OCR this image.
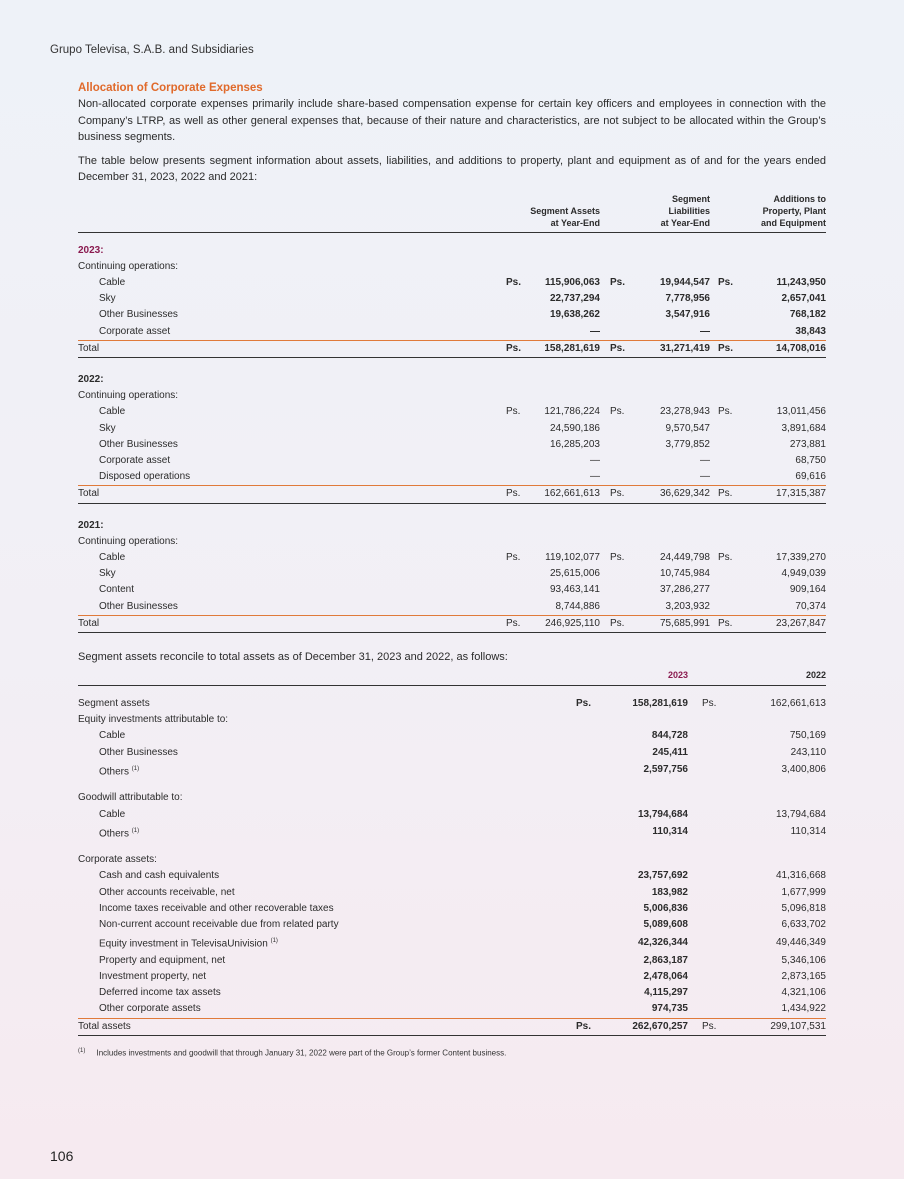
Grupo Televisa, S.A.B. and Subsidiaries
Allocation of Corporate Expenses

Non-allocated corporate expenses primarily include share-based compensation expense for certain key officers and employees in connection with the Company’s LTRP, as well as other general expenses that, because of their nature and characteristics, are not subject to be allocated within the Group’s business segments.

The table below presents segment information about assets, liabilities, and additions to property, plant and equipment as of and for the years ended December 31, 2023, 2022 and 2021:

				Segment		Additions to
		Segment Assets		Liabilities		Property, Plant
		at Year-End		at Year-End		and Equipment

2023:						
Continuing operations:						
Cable	Ps.	115,906,063	Ps.	19,944,547	Ps.	11,243,950
Sky		22,737,294		7,778,956		2,657,041
Other Businesses		19,638,262		3,547,916		768,182
Corporate asset		—		—		38,843
Total	Ps.	158,281,619	Ps.	31,271,419	Ps.	14,708,016

2022:						
Continuing operations:						
Cable	Ps.	121,786,224	Ps.	23,278,943	Ps.	13,011,456
Sky		24,590,186		9,570,547		3,891,684
Other Businesses		16,285,203		3,779,852		273,881
Corporate asset		—		—		68,750
Disposed operations		—		—		69,616
Total	Ps.	162,661,613	Ps.	36,629,342	Ps.	17,315,387

2021:						
Continuing operations:						
Cable	Ps.	119,102,077	Ps.	24,449,798	Ps.	17,339,270
Sky		25,615,006		10,745,984		4,949,039
Content		93,463,141		37,286,277		909,164
Other Businesses		8,744,886		3,203,932		70,374
Total	Ps.	246,925,110	Ps.	75,685,991	Ps.	23,267,847
Segment assets reconcile to total assets as of December 31, 2023 and 2022, as follows:
		2023		2022

Segment assets	Ps.	158,281,619	Ps.	162,661,613
Equity investments attributable to:				
Cable		844,728		750,169
Other Businesses		245,411		243,110
Others $^{(1)}$		2,597,756		3,400,806

Goodwill attributable to:				
Cable		13,794,684		13,794,684
Others $^{(1)}$		110,314		110,314

Corporate assets:				
Cash and cash equivalents		23,757,692		41,316,668
Other accounts receivable, net		183,982		1,677,999
Income taxes receivable and other recoverable taxes		5,006,836		5,096,818
Non-current account receivable due from related party		5,089,608		6,633,702
Equity investment in TelevisaUnivision $^{(1)}$		42,326,344		49,446,349
Property and equipment, net		2,863,187		5,346,106
Investment property, net		2,478,064		2,873,165
Deferred income tax assets		4,115,297		4,321,106
Other corporate assets		974,735		1,434,922
Total assets	Ps.	262,670,257	Ps.	299,107,531
$^{(1)}$ Includes investments and goodwill that through January 31, 2022 were part of the Group’s former Content business.
106
